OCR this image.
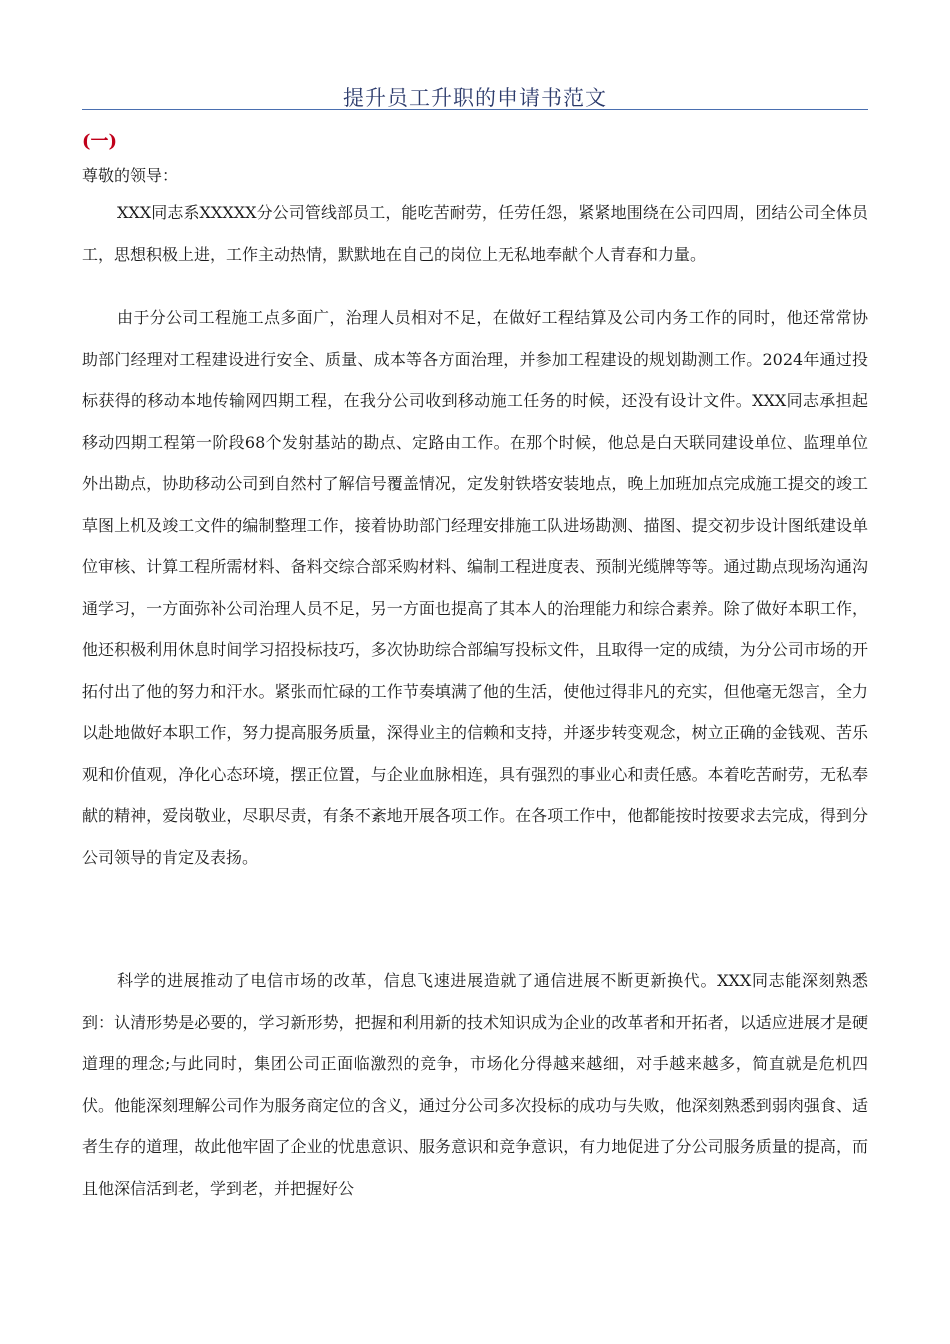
提升员工升职的申请书范文
(一)
尊敬的领导：

XXX同志系XXXXX分公司管线部员工，能吃苦耐劳，任劳任怨，紧紧地围绕在公司四周，团结公司全体员工，思想积极上进，工作主动热情，默默地在自己的岗位上无私地奉献个人青春和力量。

由于分公司工程施工点多面广，治理人员相对不足，在做好工程结算及公司内务工作的同时，他还常常协助部门经理对工程建设进行安全、质量、成本等各方面治理，并参加工程建设的规划勘测工作。2024年通过投标获得的移动本地传输网四期工程，在我分公司收到移动施工任务的时候，还没有设计文件。XXX同志承担起移动四期工程第一阶段68个发射基站的勘点、定路由工作。在那个时候，他总是白天联同建设单位、监理单位外出勘点，协助移动公司到自然村了解信号覆盖情况，定发射铁塔安装地点，晚上加班加点完成施工提交的竣工草图上机及竣工文件的编制整理工作，接着协助部门经理安排施工队进场勘测、描图、提交初步设计图纸建设单位审核、计算工程所需材料、备料交综合部采购材料、编制工程进度表、预制光缆牌等等。通过勘点现场沟通沟通学习，一方面弥补公司治理人员不足，另一方面也提高了其本人的治理能力和综合素养。除了做好本职工作，他还积极利用休息时间学习招投标技巧，多次协助综合部编写投标文件，且取得一定的成绩，为分公司市场的开拓付出了他的努力和汗水。紧张而忙碌的工作节奏填满了他的生活，使他过得非凡的充实，但他毫无怨言，全力以赴地做好本职工作，努力提高服务质量，深得业主的信赖和支持，并逐步转变观念，树立正确的金钱观、苦乐观和价值观，净化心态环境，摆正位置，与企业血脉相连，具有强烈的事业心和责任感。本着吃苦耐劳，无私奉献的精神，爱岗敬业，尽职尽责，有条不紊地开展各项工作。在各项工作中，他都能按时按要求去完成，得到分公司领导的肯定及表扬。

科学的进展推动了电信市场的改革，信息飞速进展造就了通信进展不断更新换代。XXX同志能深刻熟悉到：认清形势是必要的，学习新形势，把握和利用新的技术知识成为企业的改革者和开拓者，以适应进展才是硬道理的理念;与此同时，集团公司正面临激烈的竞争，市场化分得越来越细，对手越来越多，简直就是危机四伏。他能深刻理解公司作为服务商定位的含义，通过分公司多次投标的成功与失败，他深刻熟悉到弱肉强食、适者生存的道理，故此他牢固了企业的忧患意识、服务意识和竞争意识，有力地促进了分公司服务质量的提高，而且他深信活到老，学到老，并把握好公
